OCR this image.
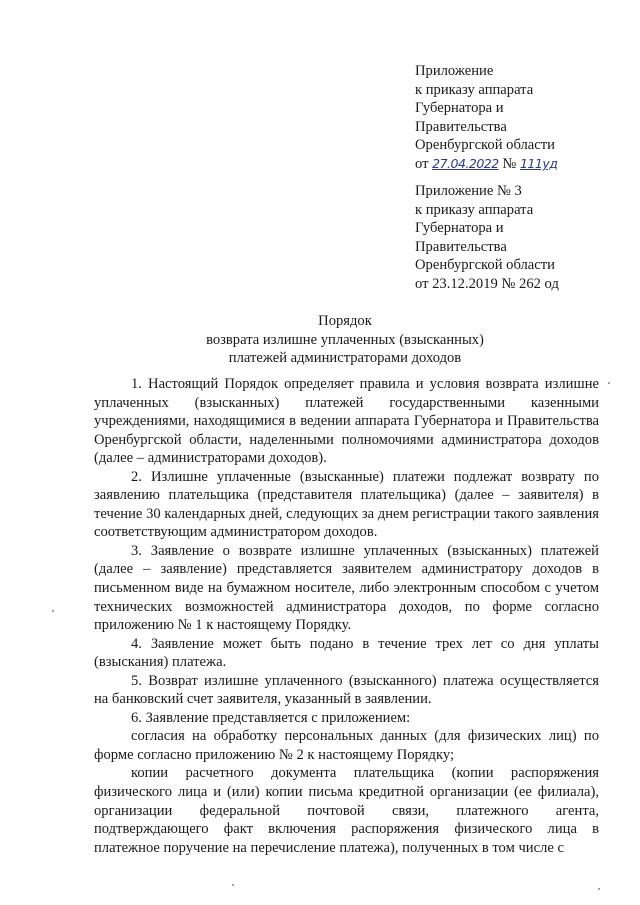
Приложение

к приказу аппарата

Губернатора и

Правительства

Оренбургской области

от 27.04.2022 № 111уд

Приложение № 3

к приказу аппарата

Губернатора и

Правительства

Оренбургской области

от 23.12.2019 № 262 од

Порядок

возврата излишне уплаченных (взысканных)

платежей администраторами доходов

1. Настоящий Порядок определяет правила и условия возврата излишне уплаченных (взысканных) платежей государственными казенными учреждениями, находящимися в ведении аппарата Губернатора и Правительства Оренбургской области, наделенными полномочиями администратора доходов (далее – администраторами доходов).

2. Излишне уплаченные (взысканные) платежи подлежат возврату по заявлению плательщика (представителя плательщика) (далее – заявителя) в течение 30 календарных дней, следующих за днем регистрации такого заявления соответствующим администратором доходов.

3. Заявление о возврате излишне уплаченных (взысканных) платежей (далее – заявление) представляется заявителем администратору доходов в письменном виде на бумажном носителе, либо электронным способом с учетом технических возможностей администратора доходов, по форме согласно приложению № 1 к настоящему Порядку.

4. Заявление может быть подано в течение трех лет со дня уплаты (взыскания) платежа.

5. Возврат излишне уплаченного (взысканного) платежа осуществляется на банковский счет заявителя, указанный в заявлении.

6. Заявление представляется с приложением:

согласия на обработку персональных данных (для физических лиц) по форме согласно приложению № 2 к настоящему Порядку;

копии расчетного документа плательщика (копии распоряжения физического лица и (или) копии письма кредитной организации (ее филиала), организации федеральной почтовой связи, платежного агента, подтверждающего факт включения распоряжения физического лица в платежное поручение на перечисление платежа), полученных в том числе с
